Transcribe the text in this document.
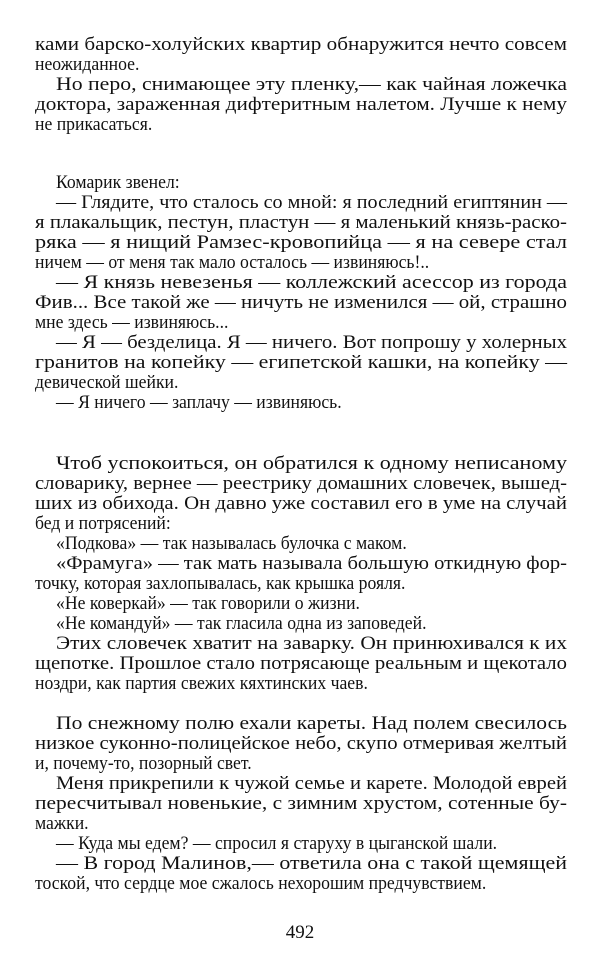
ками барско-холуйских квартир обнаружится нечто совсем
неожиданное.
Но перо, снимающее эту пленку,— как чайная ложечка
доктора, зараженная дифтеритным налетом. Лучше к нему
не прикасаться.
Комарик звенел:
— Глядите, что сталось со мной: я последний египтянин —
я плакальщик, пестун, пластун — я маленький князь-раско-
ряка — я нищий Рамзес-кровопийца — я на севере стал
ничем — от меня так мало осталось — извиняюсь!..
— Я князь невезенья — коллежский асессор из города
Фив... Все такой же — ничуть не изменился — ой, страшно
мне здесь — извиняюсь...
— Я — безделица. Я — ничего. Вот попрошу у холерных
гранитов на копейку — египетской кашки, на копейку —
девической шейки.
— Я ничего — заплачу — извиняюсь.
Чтоб успокоиться, он обратился к одному неписаному
словарику, вернее — реестрику домашних словечек, вышед-
ших из обихода. Он давно уже составил его в уме на случай
бед и потрясений:
«Подкова» — так называлась булочка с маком.
«Фрамуга» — так мать называла большую откидную фор-
точку, которая захлопывалась, как крышка рояля.
«Не коверкай» — так говорили о жизни.
«Не командуй» — так гласила одна из заповедей.
Этих словечек хватит на заварку. Он принюхивался к их
щепотке. Прошлое стало потрясающе реальным и щекотало
ноздри, как партия свежих кяхтинских чаев.
По снежному полю ехали кареты. Над полем свесилось
низкое суконно-полицейское небо, скупо отмеривая желтый
и, почему-то, позорный свет.
Меня прикрепили к чужой семье и карете. Молодой еврей
пересчитывал новенькие, с зимним хрустом, сотенные бу-
мажки.
— Куда мы едем? — спросил я старуху в цыганской шали.
— В город Малинов,— ответила она с такой щемящей
тоской, что сердце мое сжалось нехорошим предчувствием.
492
